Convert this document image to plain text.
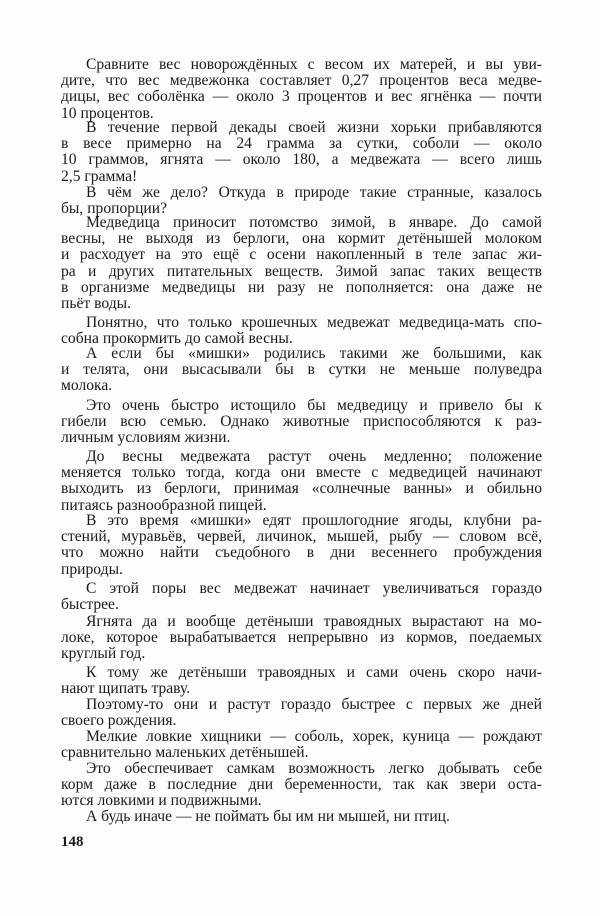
Сравните вес новорождённых с весом их матерей, и вы уви-
дите, что вес медвежонка составляет 0,27 процентов веса медве-
дицы, вес соболёнка — около 3 процентов и вес ягнёнка — почти
10 процентов.
В течение первой декады своей жизни хорьки прибавляются
в весе примерно на 24 грамма за сутки, соболи — около
10 граммов, ягнята — около 180, а медвежата — всего лишь
2,5 грамма!
В чём же дело? Откуда в природе такие странные, казалось
бы, пропорции?
Медведица приносит потомство зимой, в январе. До самой
весны, не выходя из берлоги, она кормит детёнышей молоком
и расходует на это ещё с осени накопленный в теле запас жи-
ра и других питательных веществ. Зимой запас таких веществ
в организме медведицы ни разу не пополняется: она даже не
пьёт воды.
Понятно, что только крошечных медвежат медведица-мать спо-
собна прокормить до самой весны.
А если бы «мишки» родились такими же большими, как
и телята, они высасывали бы в сутки не меньше полуведра
молока.
Это очень быстро истощило бы медведицу и привело бы к
гибели всю семью. Однако животные приспособляются к раз-
личным условиям жизни.
До весны медвежата растут очень медленно; положение
меняется только тогда, когда они вместе с медведицей начинают
выходить из берлоги, принимая «солнечные ванны» и обильно
питаясь разнообразной пищей.
В это время «мишки» едят прошлогодние ягоды, клубни ра-
стений, муравьёв, червей, личинок, мышей, рыбу — словом всё,
что можно найти съедобного в дни весеннего пробуждения
природы.
С этой поры вес медвежат начинает увеличиваться гораздо
быстрее.
Ягнята да и вообще детёныши травоядных вырастают на мо-
локе, которое вырабатывается непрерывно из кормов, поедаемых
круглый год.
К тому же детёныши травоядных и сами очень скоро начи-
нают щипать траву.
Поэтому-то они и растут гораздо быстрее с первых же дней
своего рождения.
Мелкие ловкие хищники — соболь, хорек, куница — рождают
сравнительно маленьких детёнышей.
Это обеспечивает самкам возможность легко добывать себе
корм даже в последние дни беременности, так как звери оста-
ются ловкими и подвижными.
А будь иначе — не поймать бы им ни мышей, ни птиц.
148
